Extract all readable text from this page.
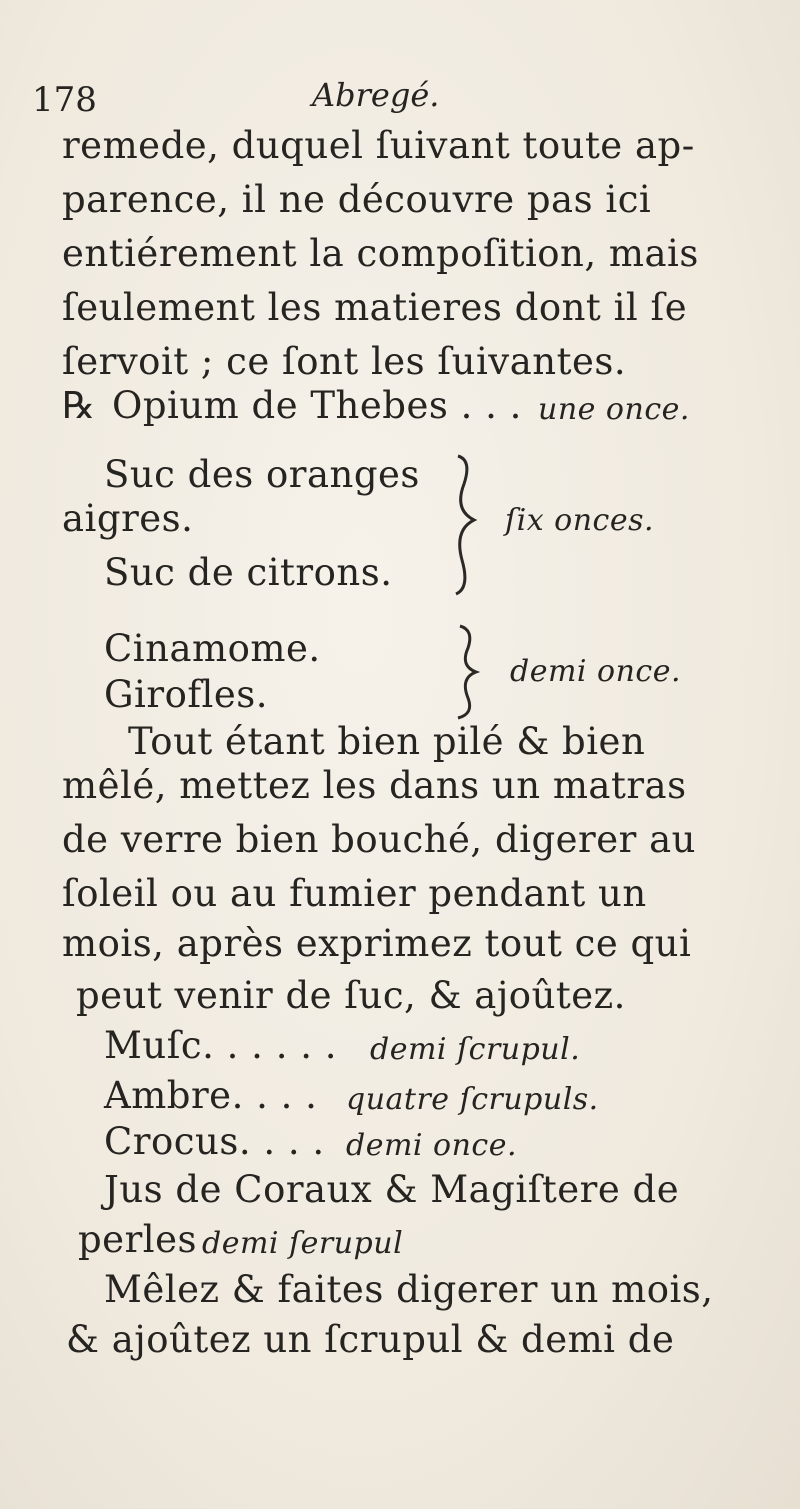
178	Abregé.
remede, duquel ſuivant toute ap-
parence, il ne découvre pas ici
entiérement la compoſition, mais
ſeulement les matieres dont il ſe
ſervoit ; ce ſont les ſuivantes.
℞ Opium de Thebes . . . une once.
Suc des oranges
aigres.
Suc de citrons.
ſix onces.
Cinamome.
Girofles.
demi once.
Tout étant bien pilé & bien
mêlé, mettez les dans un matras
de verre bien bouché, digerer au
ſoleil ou au fumier pendant un
mois, après exprimez tout ce qui
peut venir de ſuc, & ajoûtez.
Muſc. . . . . . demi ſcrupul.
Ambre. . . . quatre ſcrupuls.
Crocus. . . . demi once.
Jus de Coraux & Magiſtere de
perles demi ſerupul
Mêlez & faites digerer un mois,
& ajoûtez un ſcrupul & demi de
